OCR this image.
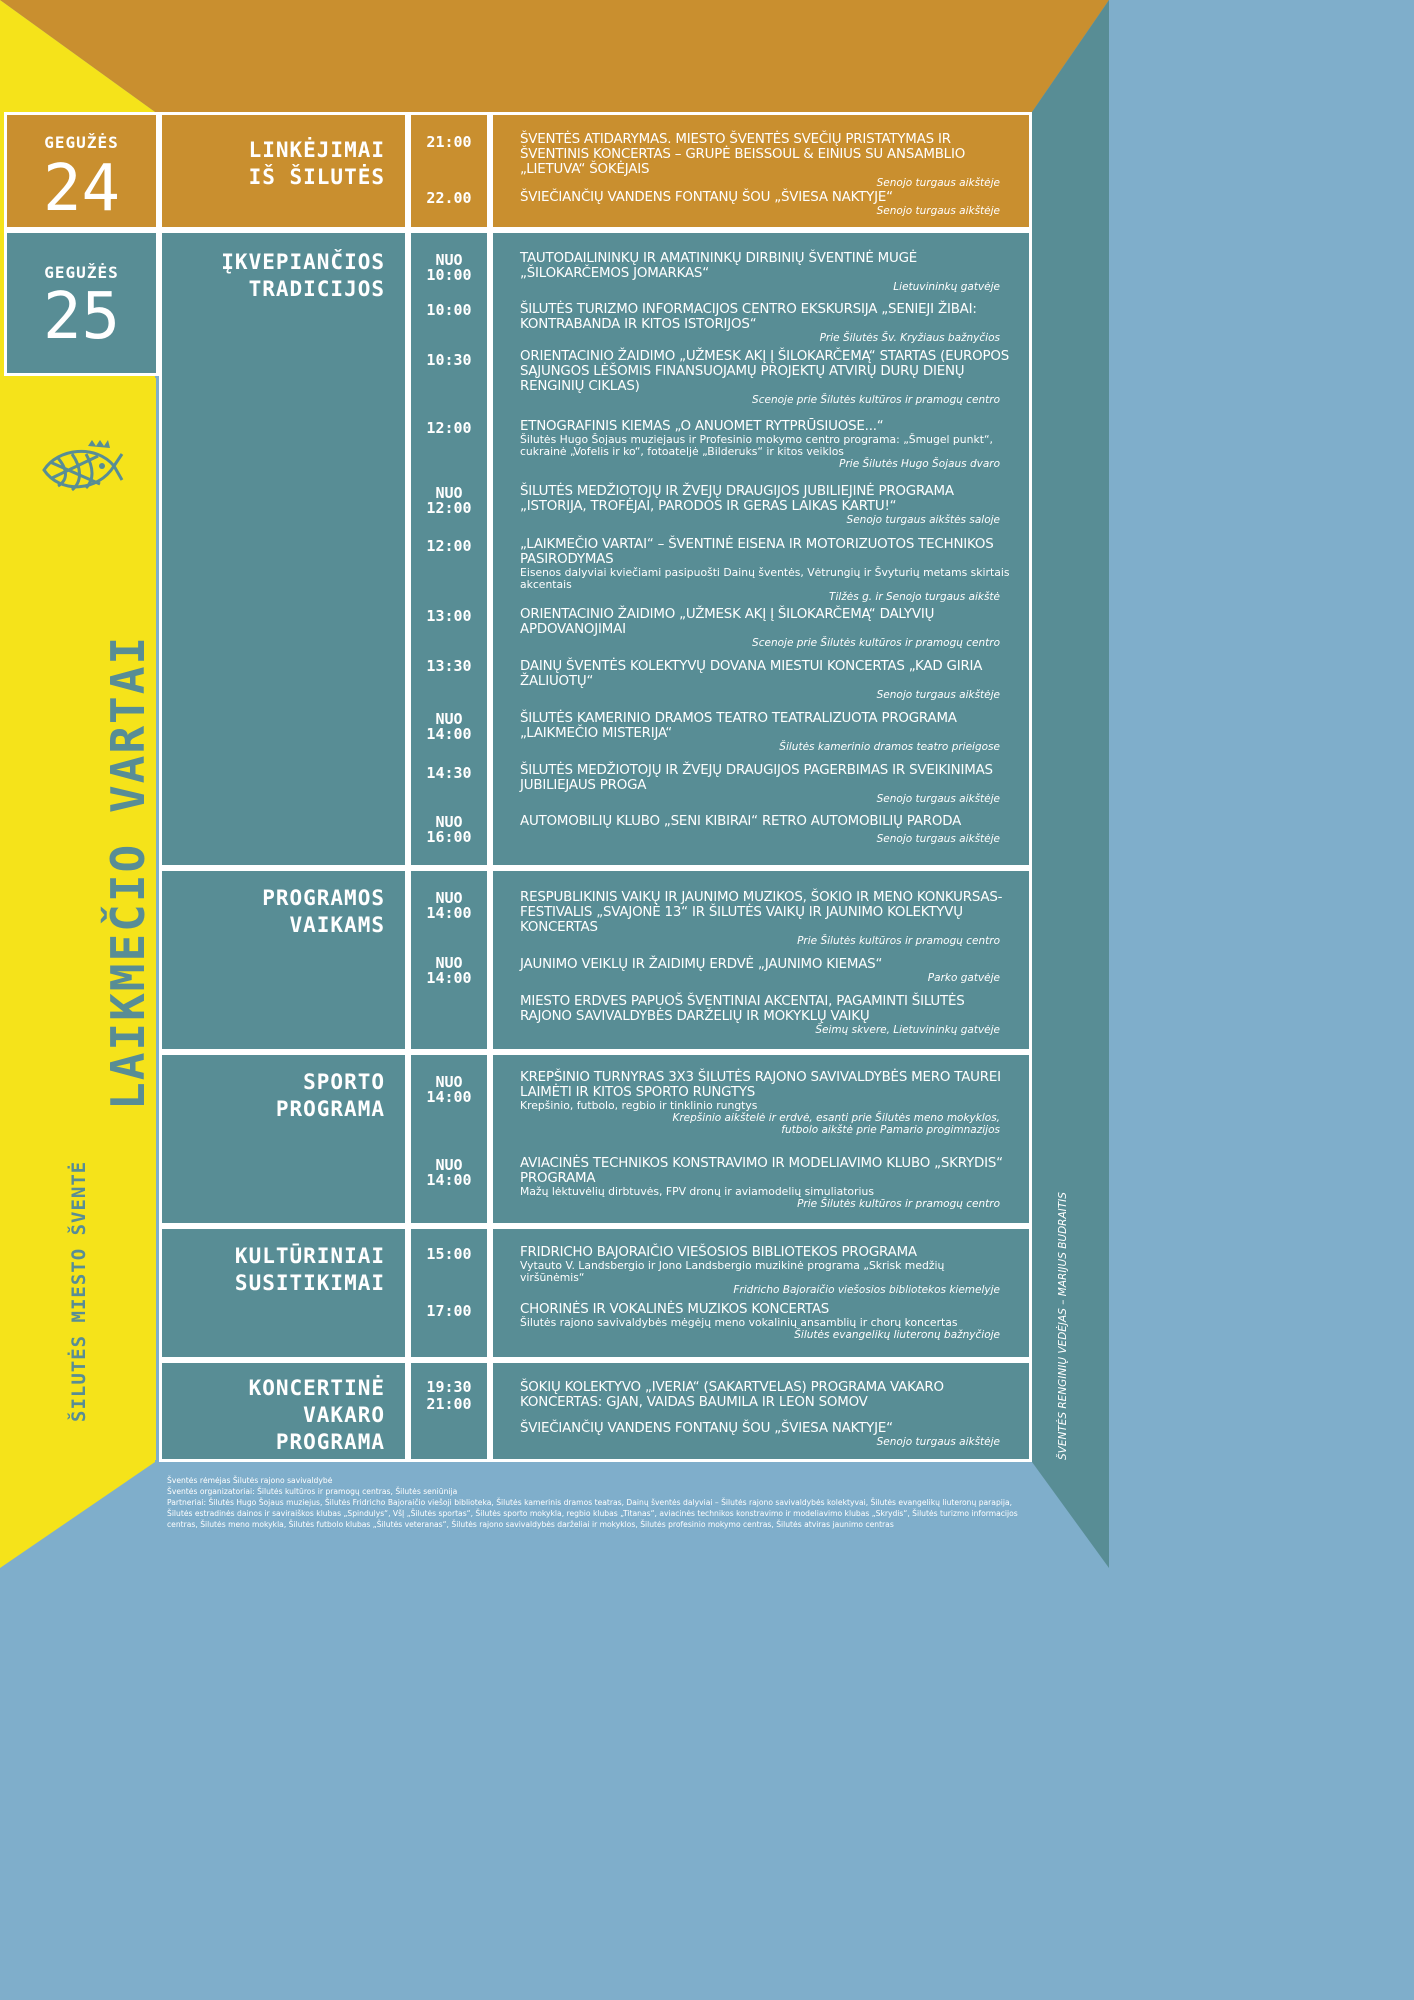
GEGUŽĖS
24
GEGUŽĖS
25
LAIKMEČIO VARTAI
ŠILUTĖS MIESTO ŠVENTĖ
LINKĖJIMAI
IŠ ŠILUTĖS
21:00
22.00
ŠVENTĖS ATIDARYMAS. MIESTO ŠVENTĖS SVEČIŲ PRISTATYMAS IR ŠVENTINIS KONCERTAS – GRUPĖ BEISSOUL & EINIUS SU ANSAMBLIO „LIETUVA“ ŠOKĖJAIS
Senojo turgaus aikštėje
ŠVIEČIANČIŲ VANDENS FONTANŲ ŠOU „ŠVIESA NAKTYJE“
Senojo turgaus aikštėje
ĮKVEPIANČIOS
TRADICIJOS
NUO
10:00
10:00
10:30
12:00
NUO
12:00
12:00
13:00
13:30
NUO
14:00
14:30
NUO
16:00
TAUTODAILININKŲ IR AMATININKŲ DIRBINIŲ ŠVENTINĖ MUGĖ „ŠILOKARČEMOS JOMARKAS“
Lietuvininkų gatvėje
ŠILUTĖS TURIZMO INFORMACIJOS CENTRO EKSKURSIJA „SENIEJI ŽIBAI: KONTRABANDA IR KITOS ISTORIJOS“
Prie Šilutės Šv. Kryžiaus bažnyčios
ORIENTACINIO ŽAIDIMO „UŽMESK AKĮ Į ŠILOKARČEMĄ“ STARTAS (EUROPOS SĄJUNGOS LĖŠOMIS FINANSUOJAMŲ PROJEKTŲ ATVIRŲ DURŲ DIENŲ RENGINIŲ CIKLAS)
Scenoje prie Šilutės kultūros ir pramogų centro
ETNOGRAFINIS KIEMAS „O ANUOMET RYTPRŪSIUOSE...“
Šilutės Hugo Šojaus muziejaus ir Profesinio mokymo centro programa: „Šmugel punkt“, cukrainė „Vofelis ir ko“, fotoateljė „Bilderuks“ ir kitos veiklos
Prie Šilutės Hugo Šojaus dvaro
ŠILUTĖS MEDŽIOTOJŲ IR ŽVEJŲ DRAUGIJOS JUBILIEJINĖ PROGRAMA „ISTORIJA, TROFĖJAI, PARODOS IR GERAS LAIKAS KARTU!“
Senojo turgaus aikštės saloje
„LAIKMEČIO VARTAI“ – ŠVENTINĖ EISENA IR MOTORIZUOTOS TECHNIKOS PASIRODYMAS
Eisenos dalyviai kviečiami pasipuošti Dainų šventės, Vėtrungių ir Švyturių metams skirtais akcentais
Tilžės g. ir Senojo turgaus aikštė
ORIENTACINIO ŽAIDIMO „UŽMESK AKĮ Į ŠILOKARČEMĄ“ DALYVIŲ APDOVANOJIMAI
Scenoje prie Šilutės kultūros ir pramogų centro
DAINŲ ŠVENTĖS KOLEKTYVŲ DOVANA MIESTUI KONCERTAS „KAD GIRIA ŽALIUOTŲ“
Senojo turgaus aikštėje
ŠILUTĖS KAMERINIO DRAMOS TEATRO TEATRALIZUOTA PROGRAMA „LAIKMEČIO MISTERIJA“
Šilutės kamerinio dramos teatro prieigose
ŠILUTĖS MEDŽIOTOJŲ IR ŽVEJŲ DRAUGIJOS PAGERBIMAS IR SVEIKINIMAS JUBILIEJAUS PROGA
Senojo turgaus aikštėje
AUTOMOBILIŲ KLUBO „SENI KIBIRAI“ RETRO AUTOMOBILIŲ PARODA
Senojo turgaus aikštėje
PROGRAMOS
VAIKAMS
NUO
14:00
NUO
14:00
RESPUBLIKINIS VAIKŲ IR JAUNIMO MUZIKOS, ŠOKIO IR MENO KONKURSAS-FESTIVALIS „SVAJONĖ 13“ IR ŠILUTĖS VAIKŲ IR JAUNIMO KOLEKTYVŲ KONCERTAS
Prie Šilutės kultūros ir pramogų centro
JAUNIMO VEIKLŲ IR ŽAIDIMŲ ERDVĖ „JAUNIMO KIEMAS“
Parko gatvėje
MIESTO ERDVES PAPUOŠ ŠVENTINIAI AKCENTAI, PAGAMINTI ŠILUTĖS RAJONO SAVIVALDYBĖS DARŽELIŲ IR MOKYKLŲ VAIKŲ
Šeimų skvere, Lietuvininkų gatvėje
SPORTO
PROGRAMA
NUO
14:00
NUO
14:00
KREPŠINIO TURNYRAS 3X3 ŠILUTĖS RAJONO SAVIVALDYBĖS MERO TAUREI LAIMĖTI IR KITOS SPORTO RUNGTYS
Krepšinio, futbolo, regbio ir tinklinio rungtys
Krepšinio aikštelė ir erdvė, esanti prie Šilutės meno mokyklos,
futbolo aikštė prie Pamario progimnazijos
AVIACINĖS TECHNIKOS KONSTRAVIMO IR MODELIAVIMO KLUBO „SKRYDIS“ PROGRAMA
Mažų lėktuvėlių dirbtuvės, FPV dronų ir aviamodelių simuliatorius
Prie Šilutės kultūros ir pramogų centro
KULTŪRINIAI
SUSITIKIMAI
15:00
17:00
FRIDRICHO BAJORAIČIO VIEŠOSIOS BIBLIOTEKOS PROGRAMA
Vytauto V. Landsbergio ir Jono Landsbergio muzikinė programa „Skrisk medžių viršūnėmis“
Fridricho Bajoraičio viešosios bibliotekos kiemelyje
CHORINĖS IR VOKALINĖS MUZIKOS KONCERTAS
Šilutės rajono savivaldybės mėgėjų meno vokalinių ansamblių ir chorų koncertas
Šilutės evangelikų liuteronų bažnyčioje
KONCERTINĖ
VAKARO
PROGRAMA
19:30
21:00
ŠOKIŲ KOLEKTYVO „IVERIA“ (SAKARTVELAS) PROGRAMA VAKARO KONCERTAS: GJAN, VAIDAS BAUMILA IR LEON SOMOV
ŠVIEČIANČIŲ VANDENS FONTANŲ ŠOU „ŠVIESA NAKTYJE“
Senojo turgaus aikštėje	ŠVENTĖS RENGINIŲ VEDĖJAS – MARIJUS BUDRAITIS
Šventės rėmėjas Šilutės rajono savivaldybė
Šventės organizatoriai: Šilutės kultūros ir pramogų centras, Šilutės seniūnija
Partneriai: Šilutės Hugo Šojaus muziejus, Šilutės Fridricho Bajoraičio viešoji biblioteka, Šilutės kamerinis dramos teatras, Dainų šventės dalyviai – Šilutės rajono savivaldybės kolektyvai, Šilutės evangelikų liuteronų parapija, Šilutės estradinės dainos ir saviraiškos klubas „Spindulys“, VšĮ „Šilutės sportas“, Šilutės sporto mokykla, regbio klubas „Titanas“, aviacinės technikos konstravimo ir modeliavimo klubas „Skrydis“, Šilutės turizmo informacijos centras, Šilutės meno mokykla, Šilutės futbolo klubas „Šilutės veteranas“, Šilutės rajono savivaldybės darželiai ir mokyklos, Šilutės profesinio mokymo centras, Šilutės atviras jaunimo centras
